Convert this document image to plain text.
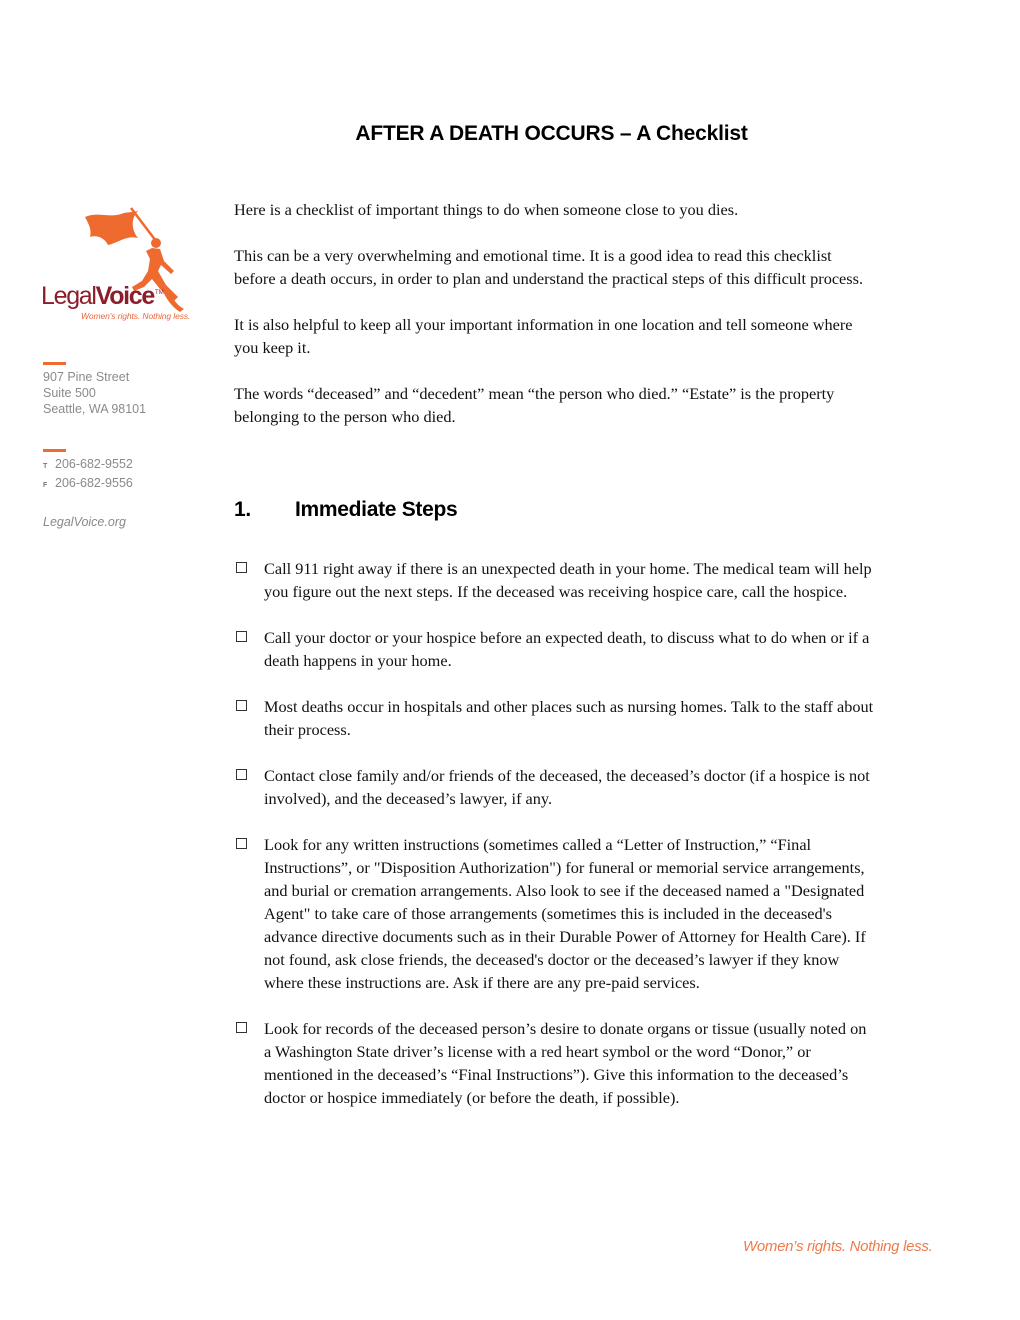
AFTER A DEATH OCCURS – A Checklist
LegalVoice™
Women's rights. Nothing less.
907 Pine Street
Suite 500
Seattle, WA 98101
T 206-682-9552
F 206-682-9556
LegalVoice.org

Here is a checklist of important things to do when someone close to you dies.

This can be a very overwhelming and emotional time. It is a good idea to read this checklist before a death occurs, in order to plan and understand the practical steps of this difficult process.

It is also helpful to keep all your important information in one location and tell someone where you keep it.

The words “deceased” and “decedent” mean “the person who died.” “Estate” is the property belonging to the person who died.

1. Immediate Steps
Call 911 right away if there is an unexpected death in your home. The medical team will help you figure out the next steps. If the deceased was receiving hospice care, call the hospice.
Call your doctor or your hospice before an expected death, to discuss what to do when or if a death happens in your home.
Most deaths occur in hospitals and other places such as nursing homes. Talk to the staff about their process.
Contact close family and/or friends of the deceased, the deceased’s doctor (if a hospice is not involved), and the deceased’s lawyer, if any.
Look for any written instructions (sometimes called a “Letter of Instruction,” “Final Instructions”, or "Disposition Authorization") for funeral or memorial service arrangements, and burial or cremation arrangements. Also look to see if the deceased named a "Designated Agent" to take care of those arrangements (sometimes this is included in the deceased's advance directive documents such as in their Durable Power of Attorney for Health Care). If not found, ask close friends, the deceased's doctor or the deceased’s lawyer if they know where these instructions are. Ask if there are any pre-paid services.
Look for records of the deceased person’s desire to donate organs or tissue (usually noted on a Washington State driver’s license with a red heart symbol or the word “Donor,” or mentioned in the deceased’s “Final Instructions”). Give this information to the deceased’s doctor or hospice immediately (or before the death, if possible).
Women’s rights. Nothing less.
